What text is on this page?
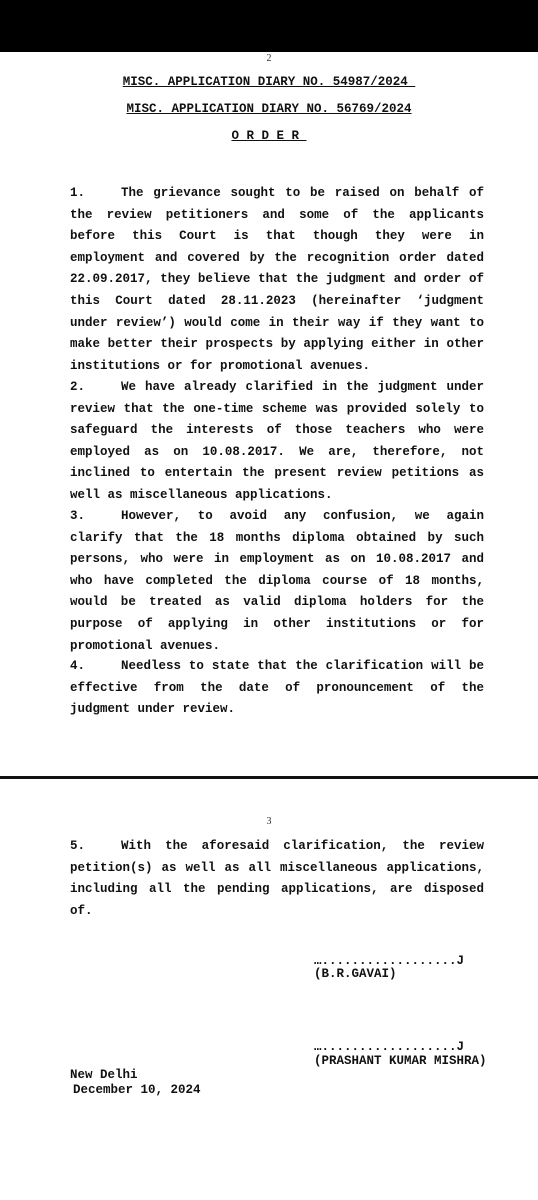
2
MISC. APPLICATION DIARY NO. 54987/2024
MISC. APPLICATION DIARY NO. 56769/2024
O R D E R
1.	The grievance sought to be raised on behalf of the review petitioners and some of the applicants before this Court is that though they were in employment and covered by the recognition order dated 22.09.2017, they believe that the judgment and order of this Court dated 28.11.2023 (hereinafter ‘judgment under review’) would come in their way if they want to make better their prospects by applying either in other institutions or for promotional avenues.
2.	We have already clarified in the judgment under review that the one-time scheme was provided solely to safeguard the interests of those teachers who were employed as on 10.08.2017. We are, therefore, not inclined to entertain the present review petitions as well as miscellaneous applications.
3.	However, to avoid any confusion, we again clarify that the 18 months diploma obtained by such persons, who were in employment as on 10.08.2017 and who have completed the diploma course of 18 months, would be treated as valid diploma holders for the purpose of applying in other institutions or for promotional avenues.
4.	Needless to state that the clarification will be effective from the date of pronouncement of the judgment under review.
3
5.	With the aforesaid clarification, the review petition(s) as well as all miscellaneous applications, including all the pending applications, are disposed of.
…..................J
(B.R.GAVAI)
…..................J
(PRASHANT KUMAR MISHRA)
New Delhi
December 10, 2024
